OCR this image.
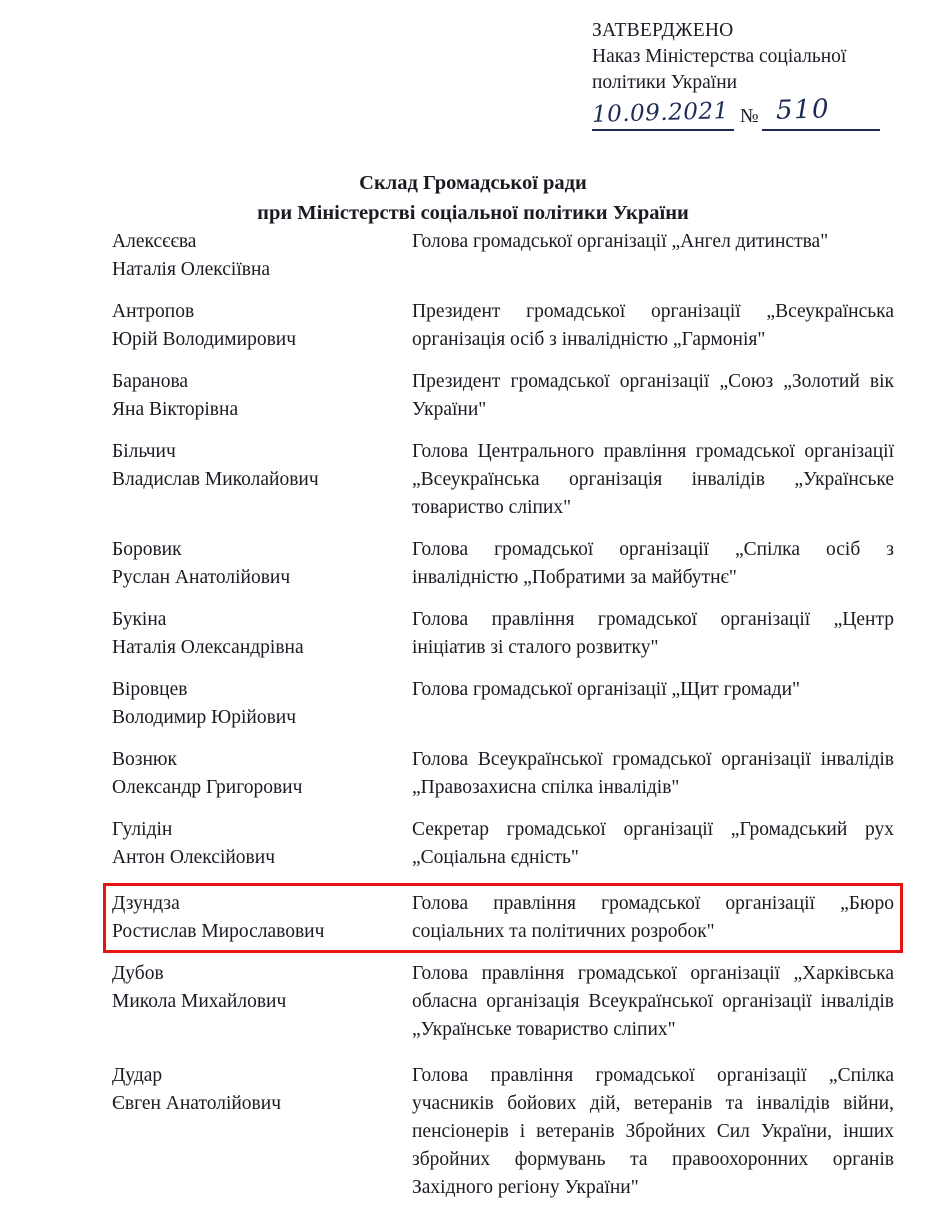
ЗАТВЕРДЖЕНО
Наказ Міністерства соціальної
політики України
10.09.2021 № 510
Склад Громадської ради
при Міністерстві соціальної політики України
Алексєєва
Наталія Олексіївна
Голова громадської організації „Ангел дитинства"
Антропов
Юрій Володимирович
Президент громадської організації „Всеукраїнська організація осіб з інвалідністю „Гармонія"
Баранова
Яна Вікторівна
Президент громадської організації „Союз „Золотий вік України"
Більчич
Владислав Миколайович
Голова Центрального правління громадської організації „Всеукраїнська організація інвалідів „Українське товариство сліпих"
Боровик
Руслан Анатолійович
Голова громадської організації „Спілка осіб з інвалідністю „Побратими за майбутнє"
Букіна
Наталія Олександрівна
Голова правління громадської організації „Центр ініціатив зі сталого розвитку"
Віровцев
Володимир Юрійович
Голова громадської організації „Щит громади"
Вознюк
Олександр Григорович
Голова Всеукраїнської громадської організації інвалідів „Правозахисна спілка інвалідів"
Гулідін
Антон Олексійович
Секретар громадської організації „Громадський рух „Соціальна єдність"
Дзундза
Ростислав Мирославович
Голова правління громадської організації „Бюро соціальних та політичних розробок"
Дубов
Микола Михайлович
Голова правління громадської організації „Харківська обласна організація Всеукраїнської організації інвалідів „Українське товариство сліпих"
Дудар
Євген Анатолійович
Голова правління громадської організації „Спілка учасників бойових дій, ветеранів та інвалідів війни, пенсіонерів і ветеранів Збройних Сил України, інших збройних формувань та правоохоронних органів Західного регіону України"
